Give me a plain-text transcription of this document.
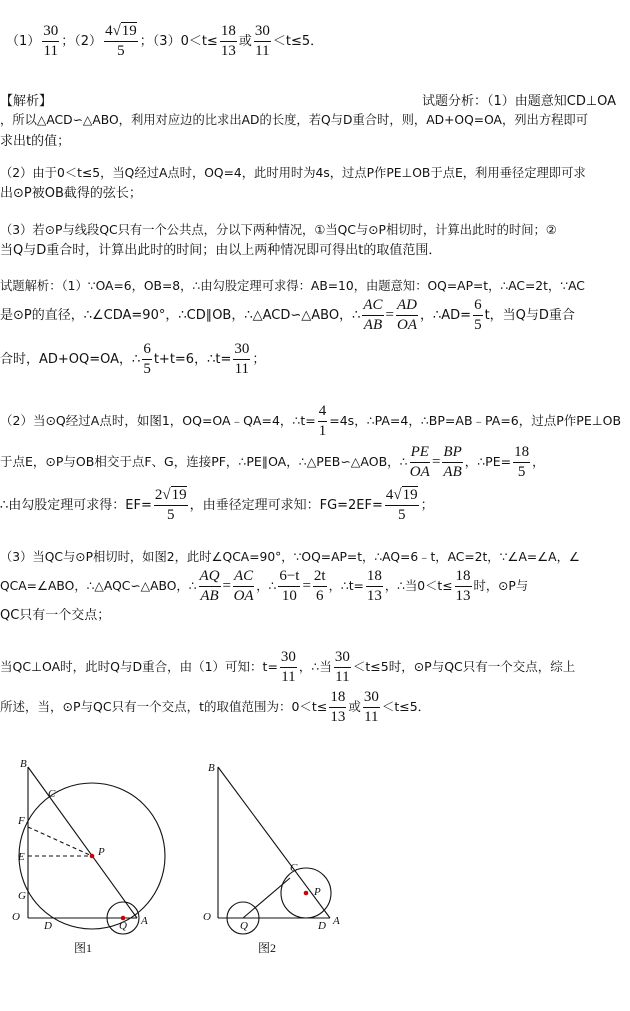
$(1) \frac{30}{11}$ ；$(2) \frac{4√19}{5}$ ；$(3)0<t\le \frac{18}{13}$ 或 $\frac{30}{11} <t\le 5$．
【解析】	试题分析：（1）由题意知CD⊥OA
，所以△ACD∽△ABO，利用对应边的比求出AD的长度，若Q与D重合时，则，AD+OQ=OA，列出方程即可
求出t的值；
（2）由于0＜t≤5，当Q经过A点时，OQ=4，此时用时为4s，过点P作PE⊥OB于点E，利用垂径定理即可求
出⊙P被OB截得的弦长；
（3）若⊙P与线段QC只有一个公共点，分以下两种情况，①当QC与⊙P相切时，计算出此时的时间；②
当Q与D重合时，计算出此时的时间；由以上两种情况即可得出t的取值范围．
试题解析：（1）∵OA=6，OB=8，∴由勾股定理可求得：AB=10，由题意知：OQ=AP=t，∴AC=2t，∵AC
是⊙P的直径，∴∠CDA=90°，∴CD∥OB，∴△ACD∽△ABO，∴ $\frac{AC}{AB} = \frac{AD}{OA}$ ，∴AD= $\frac{6}{5}$ t，当Q与D重合
合时，AD+OQ=OA，∴ $\frac{6}{5} t+t=6$，∴t= $\frac{30}{11}$ ；
（2）当⊙Q经过A点时，如图1，OQ=OA﹣QA=4，∴t= $\frac{4}{1} =4s$，∴PA=4，∴BP=AB﹣PA=6，过点P作PE⊥OB
于点E，⊙P与OB相交于点F、G，连接PF，∴PE∥OA，∴△PEB∽△AOB，∴ $\frac{PE}{OA} = \frac{BP}{AB}$ ，∴PE= $\frac{18}{5}$ ，
∴由勾股定理可求得：$EF= \frac{2√19}{5}$ ，由垂径定理可求知：$FG=2EF= \frac{4√19}{5}$ ；
（3）当QC与⊙P相切时，如图2，此时∠QCA=90°，∵OQ=AP=t，∴AQ=6﹣t，AC=2t，∵∠A=∠A，∠
QCA=∠ABO，∴△AQC∽△ABO，∴ $\frac{AQ}{AB} = \frac{AC}{OA}$ ，∴ $\frac{6-t}{10} = \frac{2t}{6}$ ，∴t= $\frac{18}{13}$ ，∴当$0<t\le \frac{18}{13}$ 时，⊙P与
QC只有一个交点；
当QC⊥OA时，此时Q与D重合，由（1）可知：$t= \frac{30}{11}$ ，∴当 $\frac{30}{11} <t\le 5$时，⊙P与QC只有一个交点，综上
所述，当，⊙P与QC只有一个交点，t的取值范围为：$0<t\le \frac{18}{13}$ 或 $\frac{30}{11} <t\le 5$．
B
C
F
E	P
G
O
D	Q A
图1
B
C
P
O
Q	D A
图2
